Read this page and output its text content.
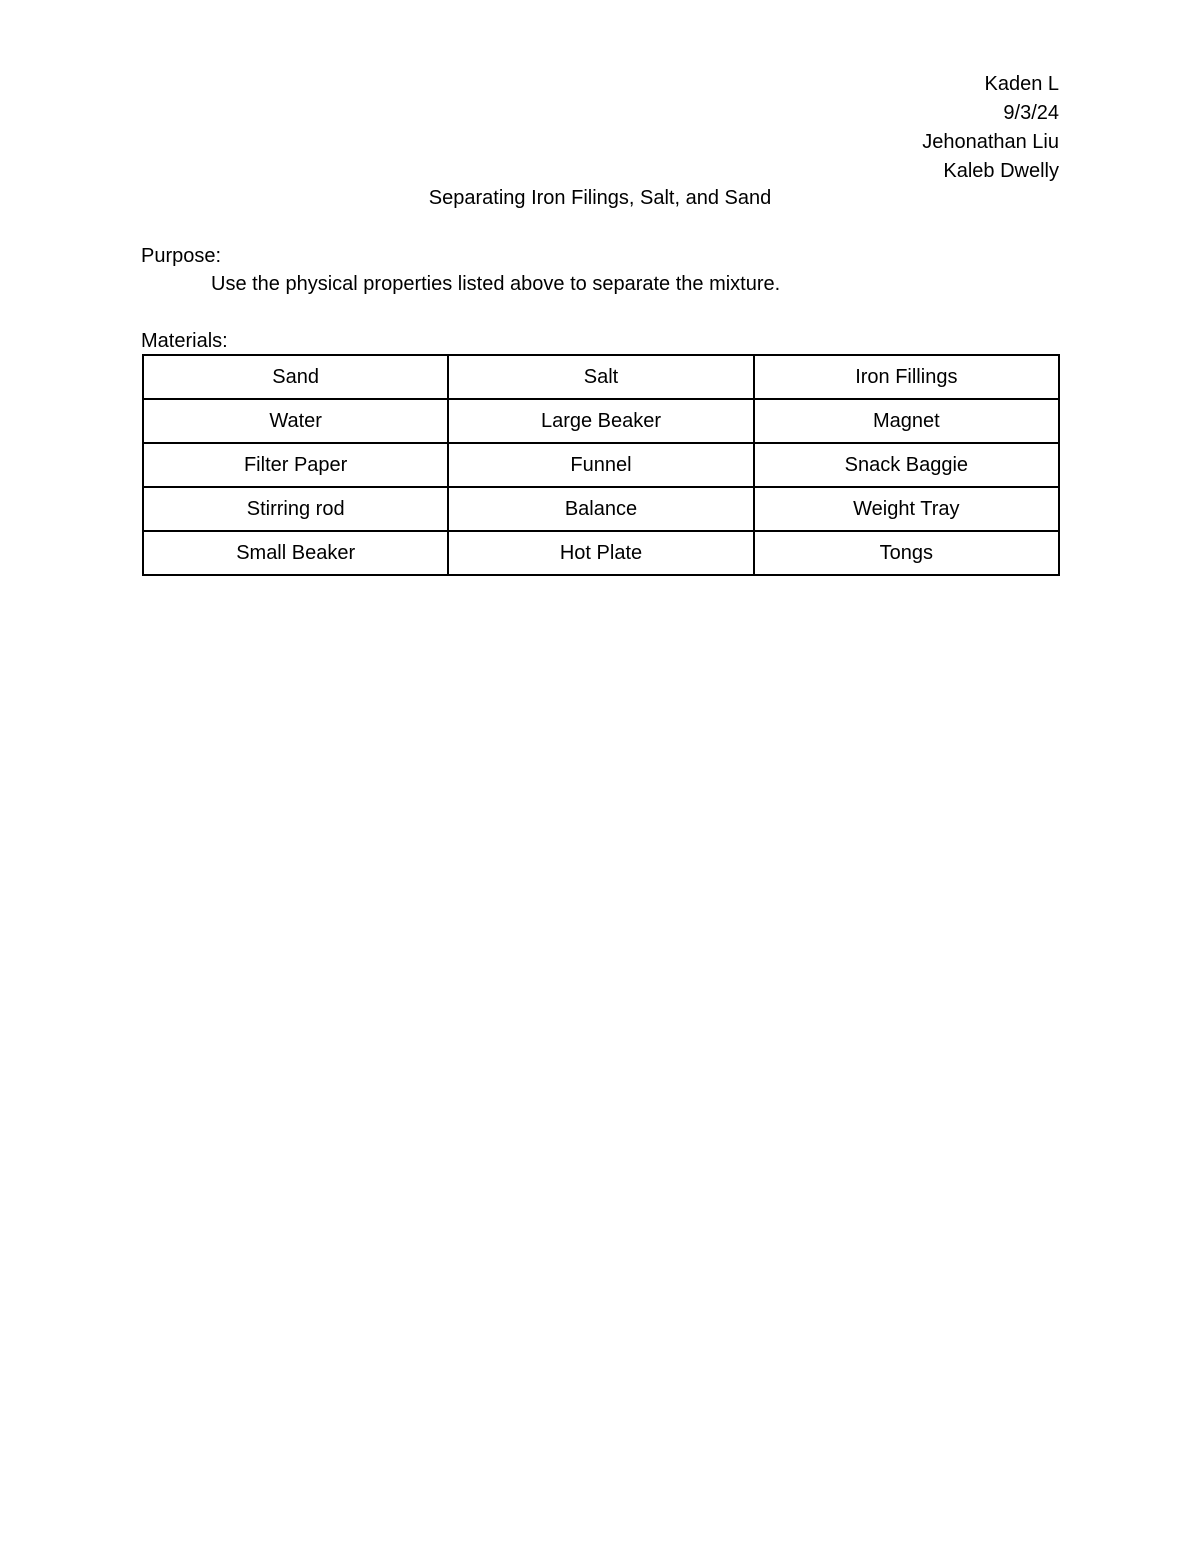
Kaden L
9/3/24
Jehonathan Liu
Kaleb Dwelly
Separating Iron Filings, Salt, and Sand
Purpose:
Use the physical properties listed above to separate the mixture.
Materials:
Sand	Salt	Iron Fillings
Water	Large Beaker	Magnet
Filter Paper	Funnel	Snack Baggie
Stirring rod	Balance	Weight Tray
Small Beaker	Hot Plate	Tongs
